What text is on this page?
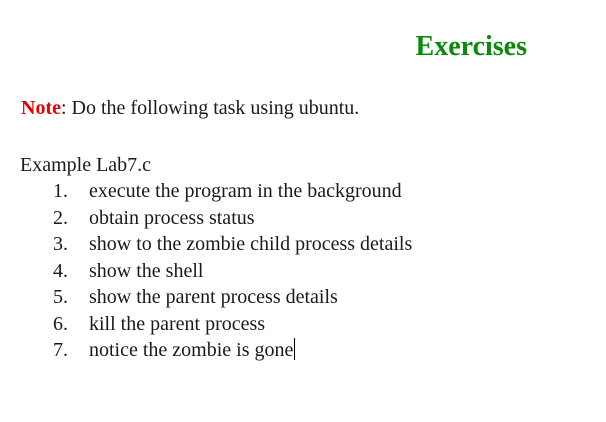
Exercises
Note: Do the following task using ubuntu.
Example Lab7.c
1.	execute the program in the background
2.	obtain process status
3.	show to the zombie child process details
4.	show the shell
5.	show the parent process details
6.	kill the parent process
7.	notice the zombie is gone
